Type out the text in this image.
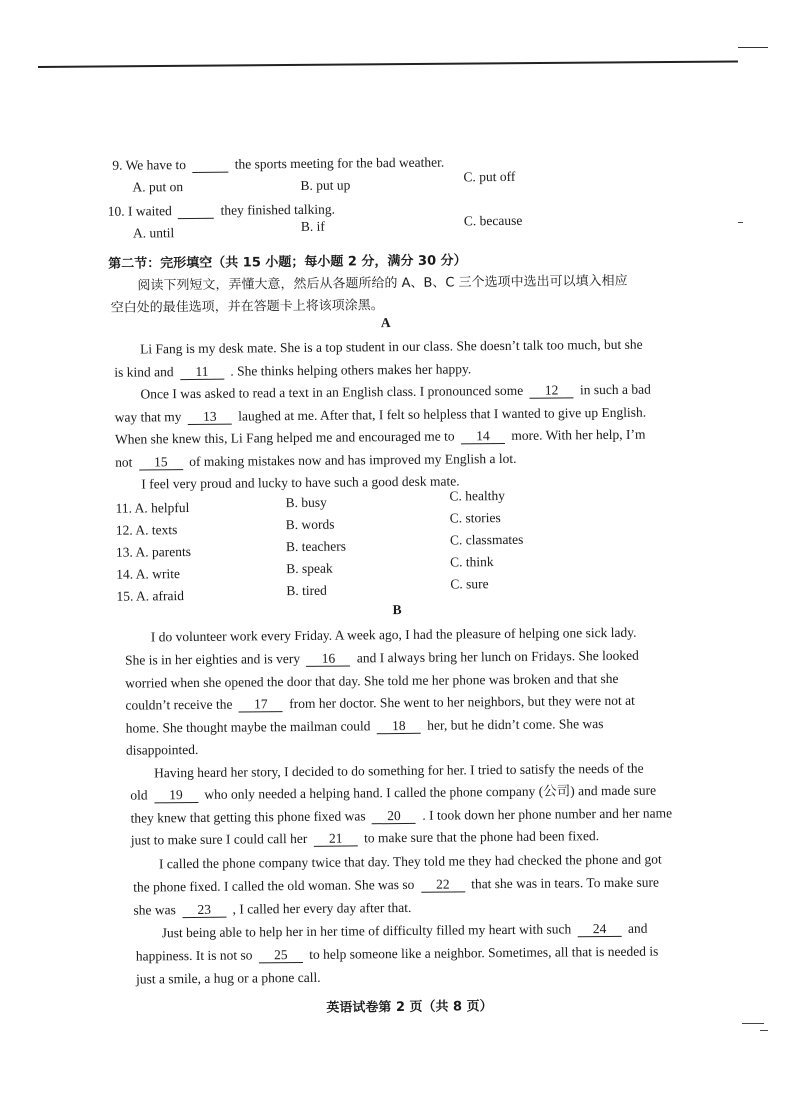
9. We have to	the sports meeting for the bad weather.
A. put on	B. put up
C. put off
10. I waited	they finished talking.
A. until	B. if	C. because
第二节：完形填空（共 15 小题；每小题 2 分，满分 30 分）
阅读下列短文，弄懂大意，然后从各题所给的 A、B、C 三个选项中选出可以填入相应
空白处的最佳选项，并在答题卡上将该项涂黑。
A
Li Fang is my desk mate. She is a top student in our class. She doesn’t talk too much, but she
is kind and 11 . She thinks helping others makes her happy.
Once I was asked to read a text in an English class. I pronounced some 12 in such a bad
way that my 13 laughed at me. After that, I felt so helpless that I wanted to give up English.
When she knew this, Li Fang helped me and encouraged me to 14 more. With her help, I’m
not 15 of making mistakes now and has improved my English a lot.
I feel very proud and lucky to have such a good desk mate.
11. A. helpful	B. busy	C. healthy
12. A. texts	B. words	C. stories
13. A. parents	B. teachers	C. classmates
14. A. write	B. speak	C. think
15. A. afraid	B. tired	C. sure
B
I do volunteer work every Friday. A week ago, I had the pleasure of helping one sick lady.
She is in her eighties and is very 16 and I always bring her lunch on Fridays. She looked
worried when she opened the door that day. She told me her phone was broken and that she
couldn’t receive the 17 from her doctor. She went to her neighbors, but they were not at
home. She thought maybe the mailman could 18 her, but he didn’t come. She was
disappointed.
Having heard her story, I decided to do something for her. I tried to satisfy the needs of the
old 19 who only needed a helping hand. I called the phone company (公司) and made sure
they knew that getting this phone fixed was 20 . I took down her phone number and her name
just to make sure I could call her 21 to make sure that the phone had been fixed.
I called the phone company twice that day. They told me they had checked the phone and got
the phone fixed. I called the old woman. She was so 22 that she was in tears. To make sure
she was 23 , I called her every day after that.
Just being able to help her in her time of difficulty filled my heart with such 24 and
happiness. It is not so 25 to help someone like a neighbor. Sometimes, all that is needed is
just a smile, a hug or a phone call.
英语试卷第 2 页（共 8 页）
